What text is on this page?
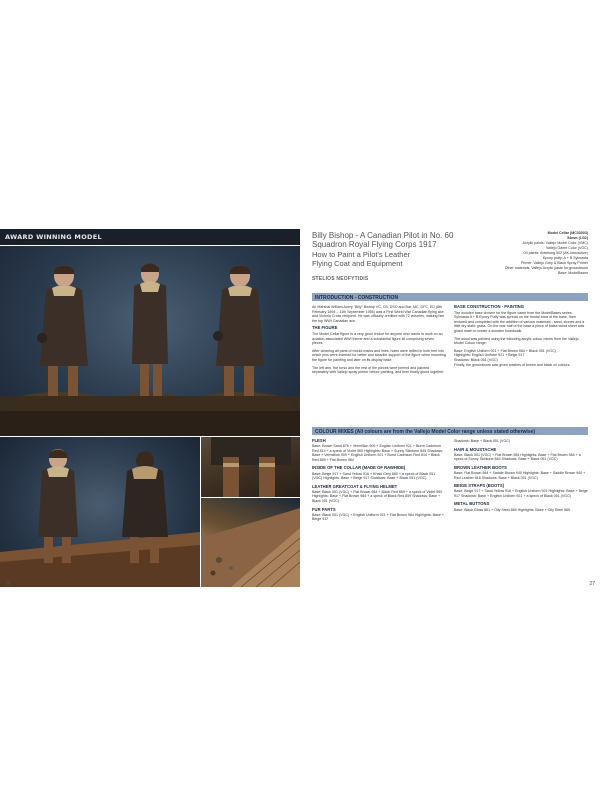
AWARD WINNING MODEL
26
Billy Bishop - A Canadian Pilot in No. 60
Squadron Royal Flying Corps 1917
How to Paint a Pilot's Leather
Flying Coat and Equipment
Model Cellar (MC33003)
54mm (1/32)
Acrylic paints: Vallejo Model Color (VMC)
Vallejo Game Color (VGC)
Oil paints: Abteilung 502 (AK-Interactive)
Epoxy putty: A + B Sylmasta
Primer: Vallejo Grey & Black Spray Primer
Other materials: Vallejo Acrylic paste for groundwork
Base: ModelBases
STELIOS NEOFYTIDIS
INTRODUCTION - CONSTRUCTION

Air Marshal William Avery "Billy" Bishop VC, CB, DSO and Bar, MC, DFC, ED (8th February 1894 – 11th September 1956) was a First World War Canadian flying ace and Victoria Cross recipient. He was officially credited with 72 victories, making him the top WWI Canadian ace.

THE FIGURE

The Model Cellar figure is a very good choice for anyone who wants to work on an aviation-associated WWI theme and a substantial figure kit comprising seven pieces.

After cleaning all parts of mould marks and lines, holes were drilled in both feet into which pins were inserted for better and steadier support of the figure when mounting the figure for painting and later on its display base.

The left arm, the torso and the rest of the pieces were primed and painted separately with Vallejo spray primer before painting, and then finally glued together.

BASE CONSTRUCTION - PAINTING

The wooden base chosen for the figure came from the ModelBases series. Sylmasta A + B Epoxy Putty was spread on the frontal area of the base, then textured and completed with the addition of various materials - sand, stones and a little dry static grass. On the rear half of the base a piece of balsa wood sheet was glued down to create a wooden boardwalk.

The wood was painted using the following acrylic colour mixes from the Vallejo Model Colour range:

Base: English Uniform 921 + Flat Brown 984 + Black 051 (VGC)
Highlights: English Uniform 921 + Beige 917
Shadows: Black 051 (VGC)
Finally, the groundwork was given washes of brown and black oil colours.
COLOUR MIXES (All colours are from the Vallejo Model Color range unless stated otherwise)
FLESH
Base: Brown Sand 876 + Vermillion 909 + English Uniform 921 + Burnt Cadmium Red 814 + a speck of Violet 960 Highlights: Base + Sunny Skintone 845 Shadows: Base + Vermillion 909 + English Uniform 921 + Burnt Cadmium Red 814 + Black Red 859 + Flat Brown 984
INSIDE OF THE COLLAR (MADE OF RAWHIDE)
Base: Beige 917 + Sand Yellow 916 + Khaki Grey 880 + a speck of Black 051 (VGC) Highlights: Base + Beige 917 Shadows: Base + Black 051 (VGC)
LEATHER GREATCOAT & FLYING HELMET
Base: Black 051 (VGC) + Flat Brown 984 + Black Red 859 + a speck of Violet 960 Highlights: Base + Flat Brown 984 + a speck of Black Red 859 Shadows: Base + Black 051 (VGC)
FUR PARTS
Base: Black 051 (VGC) + English Uniform 921 + Flat Brown 984 Highlights: Base + Beige 917
Shadows: Base + Black 051 (VGC)
HAIR & MOUSTACHE
Base: Black 051 (VGC) + Flat Brown 984 Highlights: Base + Flat Brown 984 + a speck of Sunny Skintone 845 Shadows: Base + Black 051 (VGC)
BROWN LEATHER BOOTS
Base: Flat Brown 984 + Saddle Brown 940 Highlights: Base + Saddle Brown 940 + Red Leather 818 Shadows: Base + Black 051 (VGC)
BEIGE STRAPS (BOOTS)
Base: Beige 917 + Sand Yellow 916 + English Uniform 921 Highlights: Base + Beige 917 Shadows: Base + English Uniform 921 + a speck of Black 051 (VGC)
METAL BUTTONS
Base: Black Gloss 861 + Oily Steel 865 Highlights: Base + Oily Steel 865
27
